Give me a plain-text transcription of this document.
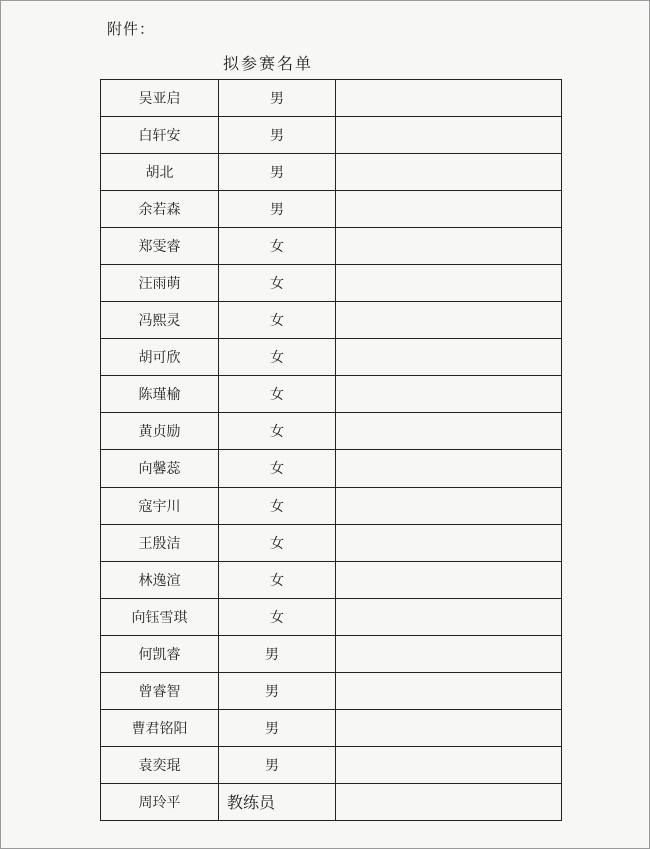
附件：
拟参赛名单
吴亚启	男	
白轩安	男	
胡北	男	
余若森	男	
郑雯睿	女	
汪雨萌	女	
冯熙灵	女	
胡可欣	女	
陈瑾榆	女	
黄贞励	女	
向馨蕊	女	
寇宇川	女	
王殷洁	女	
林逸渲	女	
向钰雪琪	女	
何凯睿	男	
曾睿智	男	
曹君铭阳	男	
袁奕琨	男	
周玲平	教练员	
